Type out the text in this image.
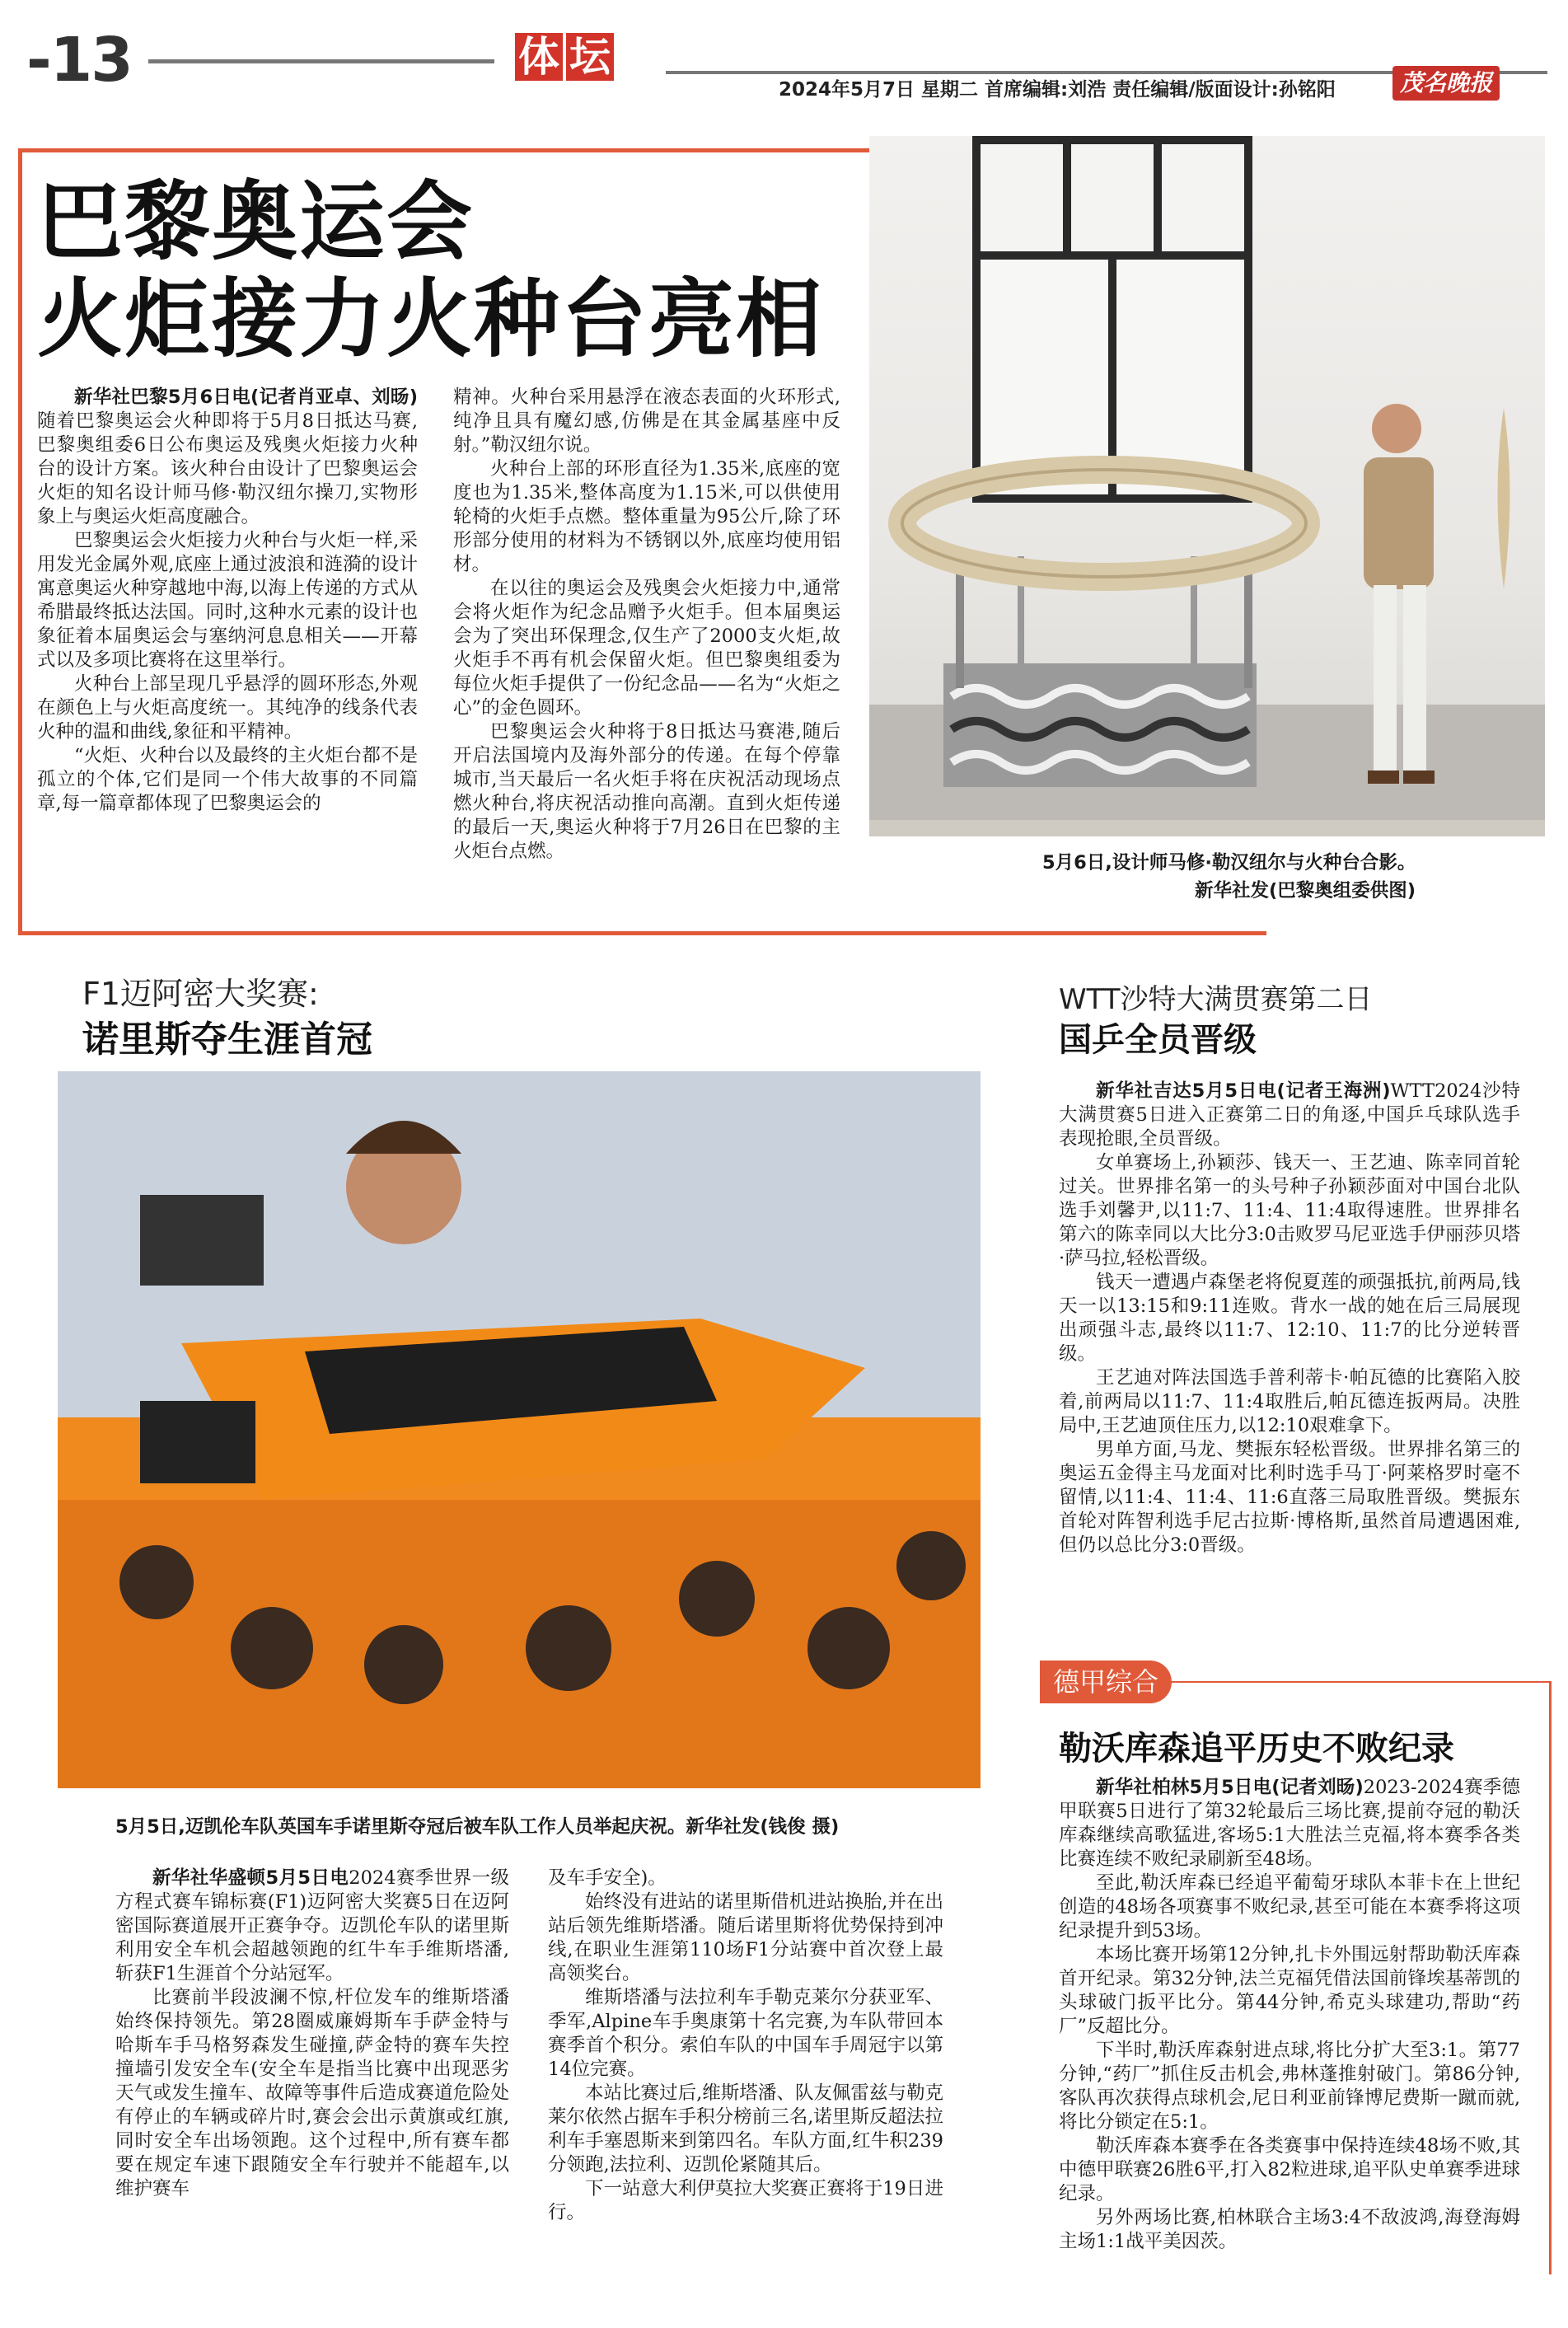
-13	体 坛
2024年5月7日 星期二 首席编辑:刘浩 责任编辑/版面设计:孙铭阳	茂名晚报
巴黎奥运会
火炬接力火种台亮相

新华社巴黎5月6日电(记者肖亚卓、刘旸)随着巴黎奥运会火种即将于5月8日抵达马赛,巴黎奥组委6日公布奥运及残奥火炬接力火种台的设计方案。该火种台由设计了巴黎奥运会火炬的知名设计师马修·勒汉纽尔操刀,实物形象上与奥运火炬高度融合。

巴黎奥运会火炬接力火种台与火炬一样,采用发光金属外观,底座上通过波浪和涟漪的设计寓意奥运火种穿越地中海,以海上传递的方式从希腊最终抵达法国。同时,这种水元素的设计也象征着本届奥运会与塞纳河息息相关——开幕式以及多项比赛将在这里举行。

火种台上部呈现几乎悬浮的圆环形态,外观在颜色上与火炬高度统一。其纯净的线条代表火种的温和曲线,象征和平精神。

“火炬、火种台以及最终的主火炬台都不是孤立的个体,它们是同一个伟大故事的不同篇章,每一篇章都体现了巴黎奥运会的

精神。火种台采用悬浮在液态表面的火环形式,纯净且具有魔幻感,仿佛是在其金属基座中反射。”勒汉纽尔说。

火种台上部的环形直径为1.35米,底座的宽度也为1.35米,整体高度为1.15米,可以供使用轮椅的火炬手点燃。整体重量为95公斤,除了环形部分使用的材料为不锈钢以外,底座均使用铝材。

在以往的奥运会及残奥会火炬接力中,通常会将火炬作为纪念品赠予火炬手。但本届奥运会为了突出环保理念,仅生产了2000支火炬,故火炬手不再有机会保留火炬。但巴黎奥组委为每位火炬手提供了一份纪念品——名为“火炬之心”的金色圆环。

巴黎奥运会火种将于8日抵达马赛港,随后开启法国境内及海外部分的传递。在每个停靠城市,当天最后一名火炬手将在庆祝活动现场点燃火种台,将庆祝活动推向高潮。直到火炬传递的最后一天,奥运火种将于7月26日在巴黎的主火炬台点燃。

5月6日,设计师马修·勒汉纽尔与火种台合影。
新华社发(巴黎奥组委供图)
F1迈阿密大奖赛:
诺里斯夺生涯首冠
5月5日,迈凯伦车队英国车手诺里斯夺冠后被车队工作人员举起庆祝。新华社发(钱俊 摄)

新华社华盛顿5月5日电2024赛季世界一级方程式赛车锦标赛(F1)迈阿密大奖赛5日在迈阿密国际赛道展开正赛争夺。迈凯伦车队的诺里斯利用安全车机会超越领跑的红牛车手维斯塔潘,斩获F1生涯首个分站冠军。

比赛前半段波澜不惊,杆位发车的维斯塔潘始终保持领先。第28圈威廉姆斯车手萨金特与哈斯车手马格努森发生碰撞,萨金特的赛车失控撞墙引发安全车(安全车是指当比赛中出现恶劣天气或发生撞车、故障等事件后造成赛道危险处有停止的车辆或碎片时,赛会会出示黄旗或红旗,同时安全车出场领跑。这个过程中,所有赛车都要在规定车速下跟随安全车行驶并不能超车,以维护赛车

及车手安全)。

始终没有进站的诺里斯借机进站换胎,并在出站后领先维斯塔潘。随后诺里斯将优势保持到冲线,在职业生涯第110场F1分站赛中首次登上最高领奖台。

维斯塔潘与法拉利车手勒克莱尔分获亚军、季军,Alpine车手奥康第十名完赛,为车队带回本赛季首个积分。索伯车队的中国车手周冠宇以第14位完赛。

本站比赛过后,维斯塔潘、队友佩雷兹与勒克莱尔依然占据车手积分榜前三名,诺里斯反超法拉利车手塞恩斯来到第四名。车队方面,红牛积239分领跑,法拉利、迈凯伦紧随其后。

下一站意大利伊莫拉大奖赛正赛将于19日进行。

WTT沙特大满贯赛第二日
国乒全员晋级

新华社吉达5月5日电(记者王海洲)WTT2024沙特大满贯赛5日进入正赛第二日的角逐,中国乒乓球队选手表现抢眼,全员晋级。

女单赛场上,孙颖莎、钱天一、王艺迪、陈幸同首轮过关。世界排名第一的头号种子孙颖莎面对中国台北队选手刘馨尹,以11:7、11:4、11:4取得速胜。世界排名第六的陈幸同以大比分3:0击败罗马尼亚选手伊丽莎贝塔·萨马拉,轻松晋级。

钱天一遭遇卢森堡老将倪夏莲的顽强抵抗,前两局,钱天一以13:15和9:11连败。背水一战的她在后三局展现出顽强斗志,最终以11:7、12:10、11:7的比分逆转晋级。

王艺迪对阵法国选手普利蒂卡·帕瓦德的比赛陷入胶着,前两局以11:7、11:4取胜后,帕瓦德连扳两局。决胜局中,王艺迪顶住压力,以12:10艰难拿下。

男单方面,马龙、樊振东轻松晋级。世界排名第三的奥运五金得主马龙面对比利时选手马丁·阿莱格罗时毫不留情,以11:4、11:4、11:6直落三局取胜晋级。樊振东首轮对阵智利选手尼古拉斯·博格斯,虽然首局遭遇困难,但仍以总比分3:0晋级。

德甲综合
勒沃库森追平历史不败纪录

新华社柏林5月5日电(记者刘旸)2023-2024赛季德甲联赛5日进行了第32轮最后三场比赛,提前夺冠的勒沃库森继续高歌猛进,客场5:1大胜法兰克福,将本赛季各类比赛连续不败纪录刷新至48场。

至此,勒沃库森已经追平葡萄牙球队本菲卡在上世纪创造的48场各项赛事不败纪录,甚至可能在本赛季将这项纪录提升到53场。

本场比赛开场第12分钟,扎卡外围远射帮助勒沃库森首开纪录。第32分钟,法兰克福凭借法国前锋埃基蒂凯的头球破门扳平比分。第44分钟,希克头球建功,帮助“药厂”反超比分。

下半时,勒沃库森射进点球,将比分扩大至3:1。第77分钟,“药厂”抓住反击机会,弗林蓬推射破门。第86分钟,客队再次获得点球机会,尼日利亚前锋博尼费斯一蹴而就,将比分锁定在5:1。

勒沃库森本赛季在各类赛事中保持连续48场不败,其中德甲联赛26胜6平,打入82粒进球,追平队史单赛季进球纪录。

另外两场比赛,柏林联合主场3:4不敌波鸿,海登海姆主场1:1战平美因茨。
